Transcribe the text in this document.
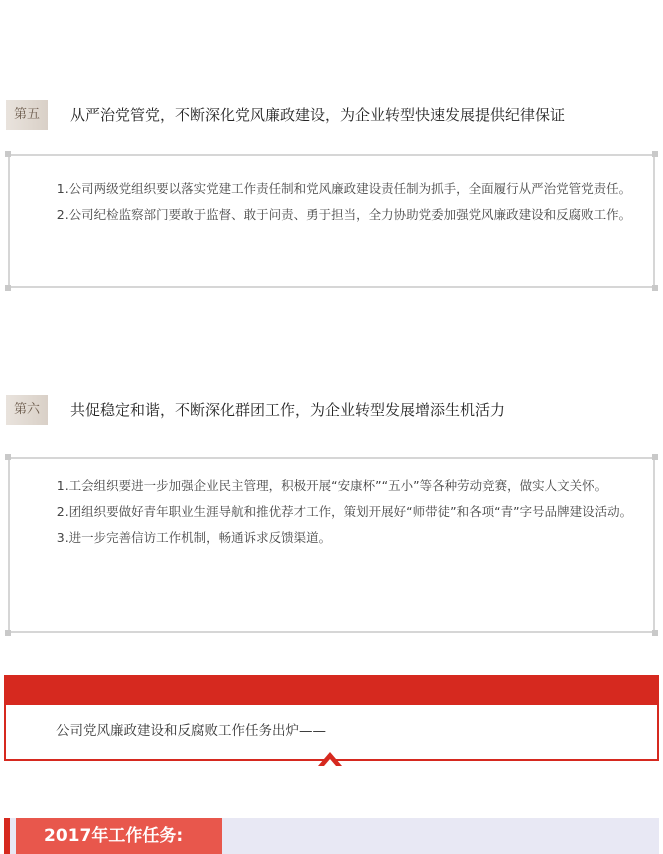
第五	从严治党管党，不断深化党风廉政建设，为企业转型快速发展提供纪律保证

1.公司两级党组织要以落实党建工作责任制和党风廉政建设责任制为抓手，全面履行从严治党管党责任。

2.公司纪检监察部门要敢于监督、敢于问责、勇于担当，全力协助党委加强党风廉政建设和反腐败工作。

第六	共促稳定和谐，不断深化群团工作，为企业转型发展增添生机活力

1.工会组织要进一步加强企业民主管理，积极开展“安康杯”“五小”等各种劳动竞赛，做实人文关怀。

2.团组织要做好青年职业生涯导航和推优荐才工作，策划开展好“师带徒”和各项“青”字号品牌建设活动。

3.进一步完善信访工作机制，畅通诉求反馈渠道。

公司党风廉政建设和反腐败工作任务出炉——
2017年工作任务:
